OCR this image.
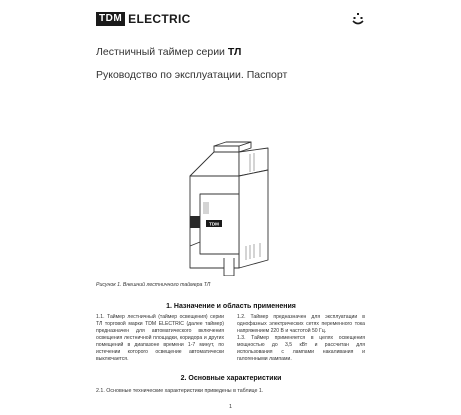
TDM ELECTRIC
Лестничный таймер серии ТЛ
Руководство по эксплуатации. Паспорт
TDM
Рисунок 1. Внешний лестничного таймера ТЛ
1. Назначение и область применения

1.1. Таймер лестничный (таймер освещения) серии ТЛ торговой марки TDM ELECTRIC (далее таймер) предназначен для автоматического включения освещения лестничной площадки, коридора и других помещений в диапазоне времени 1-7 минут, по истечении которого освещение автоматически выключается.

1.2. Таймер предназначен для эксплуатации в однофазных электрических сетях переменного тока напряжением 220 В и частотой 50 Гц.

1.3. Таймер применяется в целях освещения мощностью до 3,5 кВт и рассчитан для использования с лампами накаливания и галогенными лампами.

2. Основные характеристики
2.1. Основные технические характеристики приведены в таблице 1.
1
